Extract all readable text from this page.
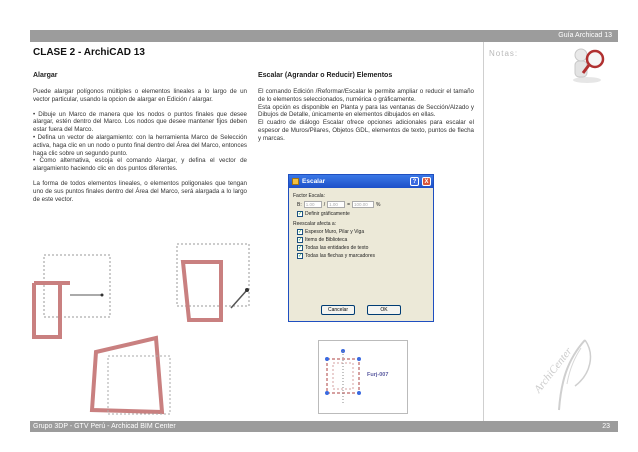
Guía Archicad 13
Notas:
CLASE 2 - ArchiCAD 13
Alargar

Puede alargar polígonos múltiples o elementos lineales a lo largo de un vector particular, usando la opcion de alargar en Edición / alargar.

• Dibuje un Marco de manera que los nodos o puntos finales que desee alargar, estén dentro del Marco. Los nodos que desee mantener fijos deben estar fuera del Marco.

• Defina un vector de alargamiento: con la herramienta Marco de Selección activa, haga clic en un nodo o punto final dentro del Área del Marco, entonces haga clic sobre un segundo punto.

• Como alternativa, escoja el comando Alargar, y defina el vector de alargamiento haciendo clic en dos puntos diferentes.

La forma de todos elementos lineales, o elementos poligonales que tengan uno de sus puntos finales dentro del Área del Marco, será alargada a lo largo de este vector.

Escalar (Agrandar o Reducir) Elementos

El comando Edición /Reformar/Escalar le permite ampliar o reducir el tamaño de lo elementos seleccionados, numérica o gráficamente.

Esta opción es disponible en Planta y para las ventanas de Sección/Alzado y Dibujos de Detalle, únicamente en elementos dibujados en ellas.

El cuadro de diálogo Escalar ofrece opciones adicionales para escalar el espesor de Muros/Pilares, Objetos GDL, elementos de texto, puntos de flecha y marcas.

Escalar	?	X
Factor Escala:
B: 1.00	/ 1.00	= 100.00	%
✓ Definir gráficamente
Reescalar afecta a:
✓ Espesor Muro, Pilar y Viga
✓ Items de Biblioteca
✓ Todas las entidades de texto
✓ Todas las flechas y marcadores
Cancelar	OK
Furj-007	ArchiCenter
Grupo 3DP - GTV Perú - Archicad BIM Center	23
